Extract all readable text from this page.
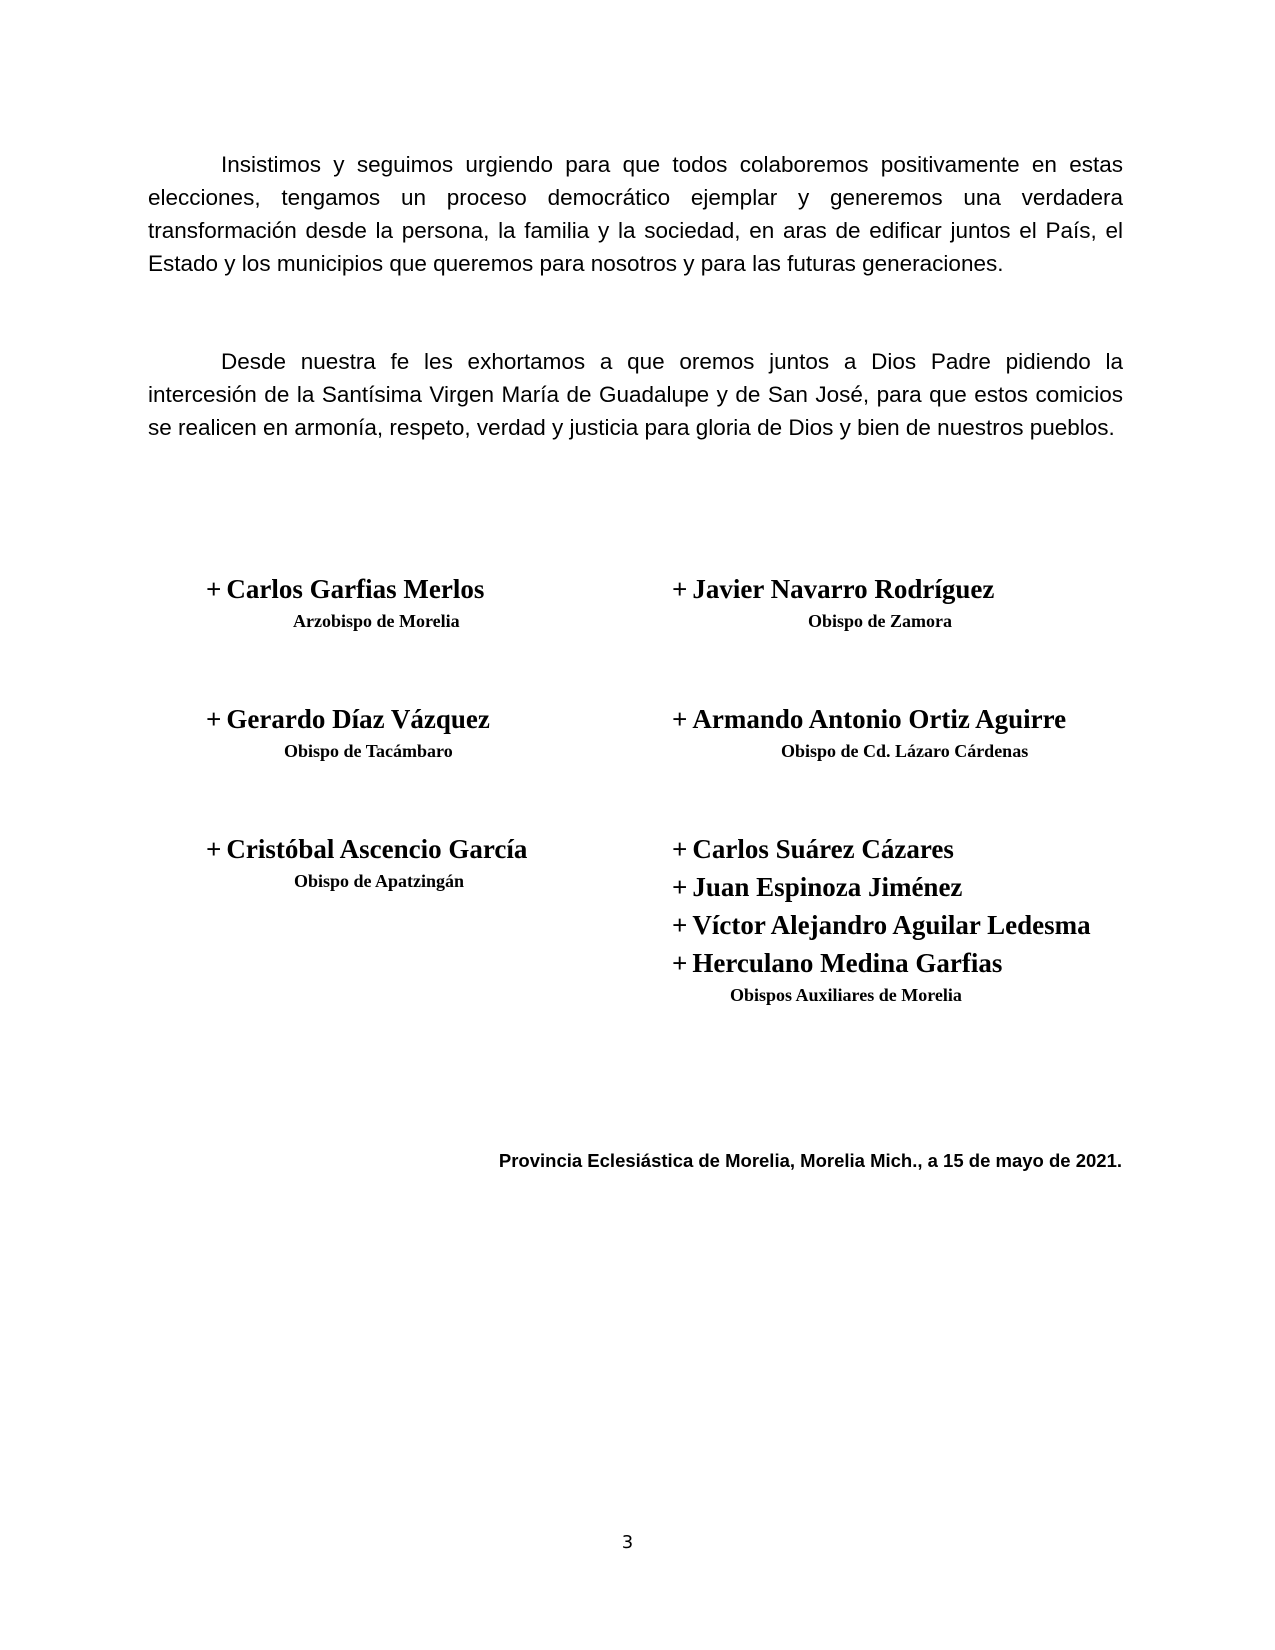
Insistimos y seguimos urgiendo para que todos colaboremos positivamente en estas elecciones, tengamos un proceso democrático ejemplar y generemos una verdadera transformación desde la persona, la familia y la sociedad, en aras de edificar juntos el País, el Estado y los municipios que queremos para nosotros y para las futuras generaciones.

Desde nuestra fe les exhortamos a que oremos juntos a Dios Padre pidiendo la intercesión de la Santísima Virgen María de Guadalupe y de San José, para que estos comicios se realicen en armonía, respeto, verdad y justicia para gloria de Dios y bien de nuestros pueblos.

+ Carlos Garfias Merlos
Arzobispo de Morelia
+ Javier Navarro Rodríguez
Obispo de Zamora
+ Gerardo Díaz Vázquez
Obispo de Tacámbaro
+ Armando Antonio Ortiz Aguirre
Obispo de Cd. Lázaro Cárdenas
+ Cristóbal Ascencio García
Obispo de Apatzingán
+ Carlos Suárez Cázares
+ Juan Espinoza Jiménez
+ Víctor Alejandro Aguilar Ledesma
+ Herculano Medina Garfias
Obispos Auxiliares de Morelia
Provincia Eclesiástica de Morelia, Morelia Mich., a 15 de mayo de 2021.
3
